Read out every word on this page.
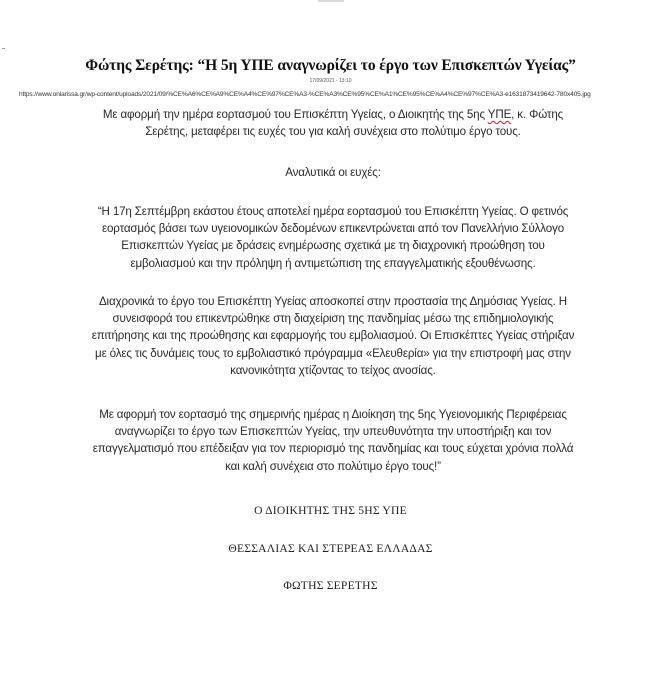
Φώτης Σερέτης: “Η 5η ΥΠΕ αναγνωρίζει το έργο των Επισκεπτών Υγείας”
17/09/2021 - 13:10
https://www.onlarissa.gr/wp-content/uploads/2021/09/%CE%A6%CE%A9%CE%A4%CE%97%CE%A3-%CE%A3%CE%95%CE%A1%CE%95%CE%A4%CE%97%CE%A3-e1631873419642-780x405.jpg
Με αφορμή την ημέρα εορτασμού του Επισκέπτη Υγείας, ο Διοικητής της 5ης ΥΠΕ, κ. Φώτης
Σερέτης, μεταφέρει τις ευχές του για καλή συνέχεια στο πολύτιμο έργο τους.
Αναλυτικά οι ευχές:
“Η 17η Σεπτέμβρη εκάστου έτους αποτελεί ημέρα εορτασμού του Επισκέπτη Υγείας. Ο φετινός
εορτασμός βάσει των υγειονομικών δεδομένων επικεντρώνεται από τον Πανελλήνιο Σύλλογο
Επισκεπτών Υγείας με δράσεις ενημέρωσης σχετικά με τη διαχρονική προώθηση του
εμβολιασμού και την πρόληψη ή αντιμετώπιση της επαγγελματικής εξουθένωσης.
Διαχρονικά το έργο του Επισκέπτη Υγείας αποσκοπεί στην προστασία της Δημόσιας Υγείας. Η
συνεισφορά του επικεντρώθηκε στη διαχείριση της πανδημίας μέσω της επιδημιολογικής
επιτήρησης και της προώθησης και εφαρμογής του εμβολιασμού. Οι Επισκέπτες Υγείας στήριξαν
με όλες τις δυνάμεις τους το εμβολιαστικό πρόγραμμα «Ελευθερία» για την επιστροφή μας στην
κανονικότητα χτίζοντας το τείχος ανοσίας.
Με αφορμή τον εορτασμό της σημερινής ημέρας η Διοίκηση της 5ης Υγειονομικής Περιφέρειας
αναγνωρίζει το έργο των Επισκεπτών Υγείας, την υπευθυνότητα την υποστήριξη και τον
επαγγελματισμό που επέδειξαν για τον περιορισμό της πανδημίας και τους εύχεται χρόνια πολλά
και καλή συνέχεια στο πολύτιμο έργο τους!”
Ο ΔΙΟΙΚΗΤΗΣ ΤΗΣ 5ΗΣ ΥΠΕ
ΘΕΣΣΑΛΙΑΣ ΚΑΙ ΣΤΕΡΕΑΣ ΕΛΛΑΔΑΣ
ΦΩΤΗΣ ΣΕΡΕΤΗΣ
